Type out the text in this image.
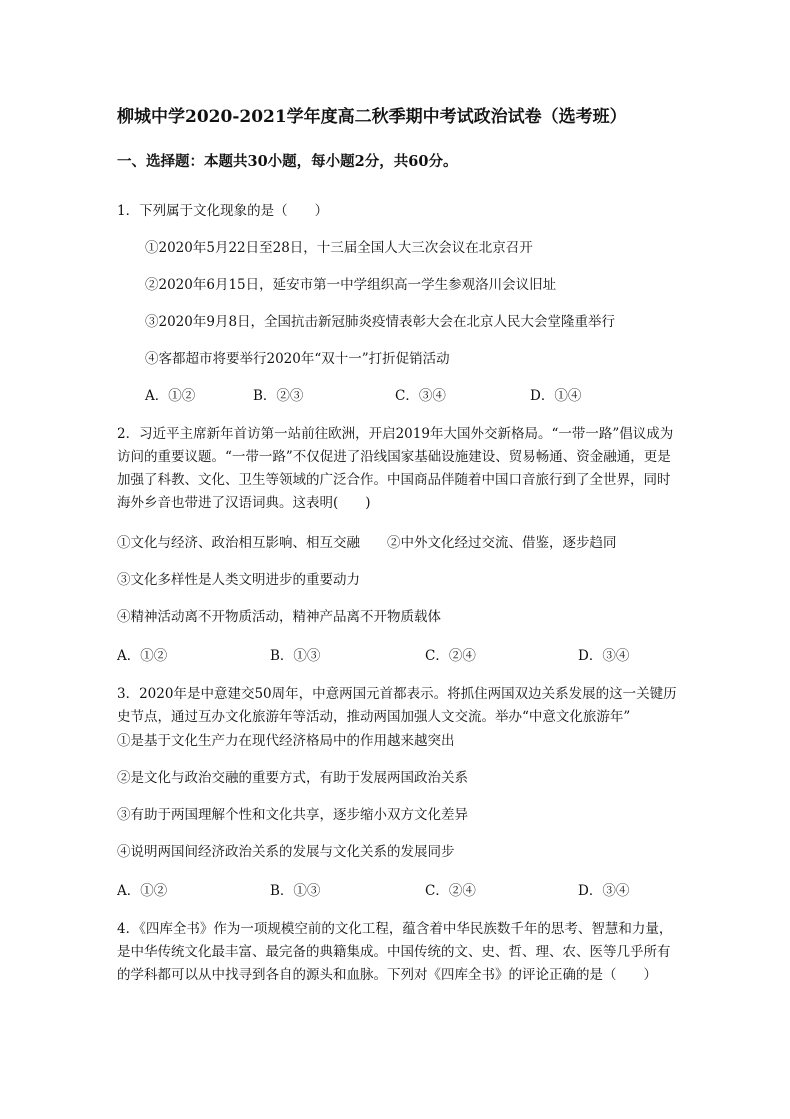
柳城中学2020-2021学年度高二秋季期中考试政治试卷（选考班）
一、选择题：本题共30小题，每小题2分，共60分。
1．下列属于文化现象的是（　　）
①2020年5月22日至28日，十三届全国人大三次会议在北京召开
②2020年6月15日，延安市第一中学组织高一学生参观洛川会议旧址
③2020年9月8日，全国抗击新冠肺炎疫情表彰大会在北京人民大会堂隆重举行
④客都超市将要举行2020年“双十一”打折促销活动
A．①②	B．②③	C．③④	D．①④
2．习近平主席新年首访第一站前往欧洲，开启2019年大国外交新格局。“一带一路”倡议成为访问的重要议题。“一带一路”不仅促进了沿线国家基础设施建设、贸易畅通、资金融通，更是加强了科教、文化、卫生等领域的广泛合作。中国商品伴随着中国口音旅行到了全世界，同时海外乡音也带进了汉语词典。这表明(　　)
①文化与经济、政治相互影响、相互交融　　②中外文化经过交流、借鉴，逐步趋同
③文化多样性是人类文明进步的重要动力
④精神活动离不开物质活动，精神产品离不开物质载体
A．①②	B．①③	C．②④	D．③④
3．2020年是中意建交50周年，中意两国元首都表示。将抓住两国双边关系发展的这一关键历史节点，通过互办文化旅游年等活动，推动两国加强人文交流。举办“中意文化旅游年”
①是基于文化生产力在现代经济格局中的作用越来越突出
②是文化与政治交融的重要方式，有助于发展两国政治关系
③有助于两国理解个性和文化共享，逐步缩小双方文化差异
④说明两国间经济政治关系的发展与文化关系的发展同步
A．①②	B．①③	C．②④	D．③④
4．《四库全书》作为一项规模空前的文化工程，蕴含着中华民族数千年的思考、智慧和力量，是中华传统文化最丰富、最完备的典籍集成。中国传统的文、史、哲、理、农、医等几乎所有的学科都可以从中找寻到各自的源头和血脉。下列对《四库全书》的评论正确的是（　　）
